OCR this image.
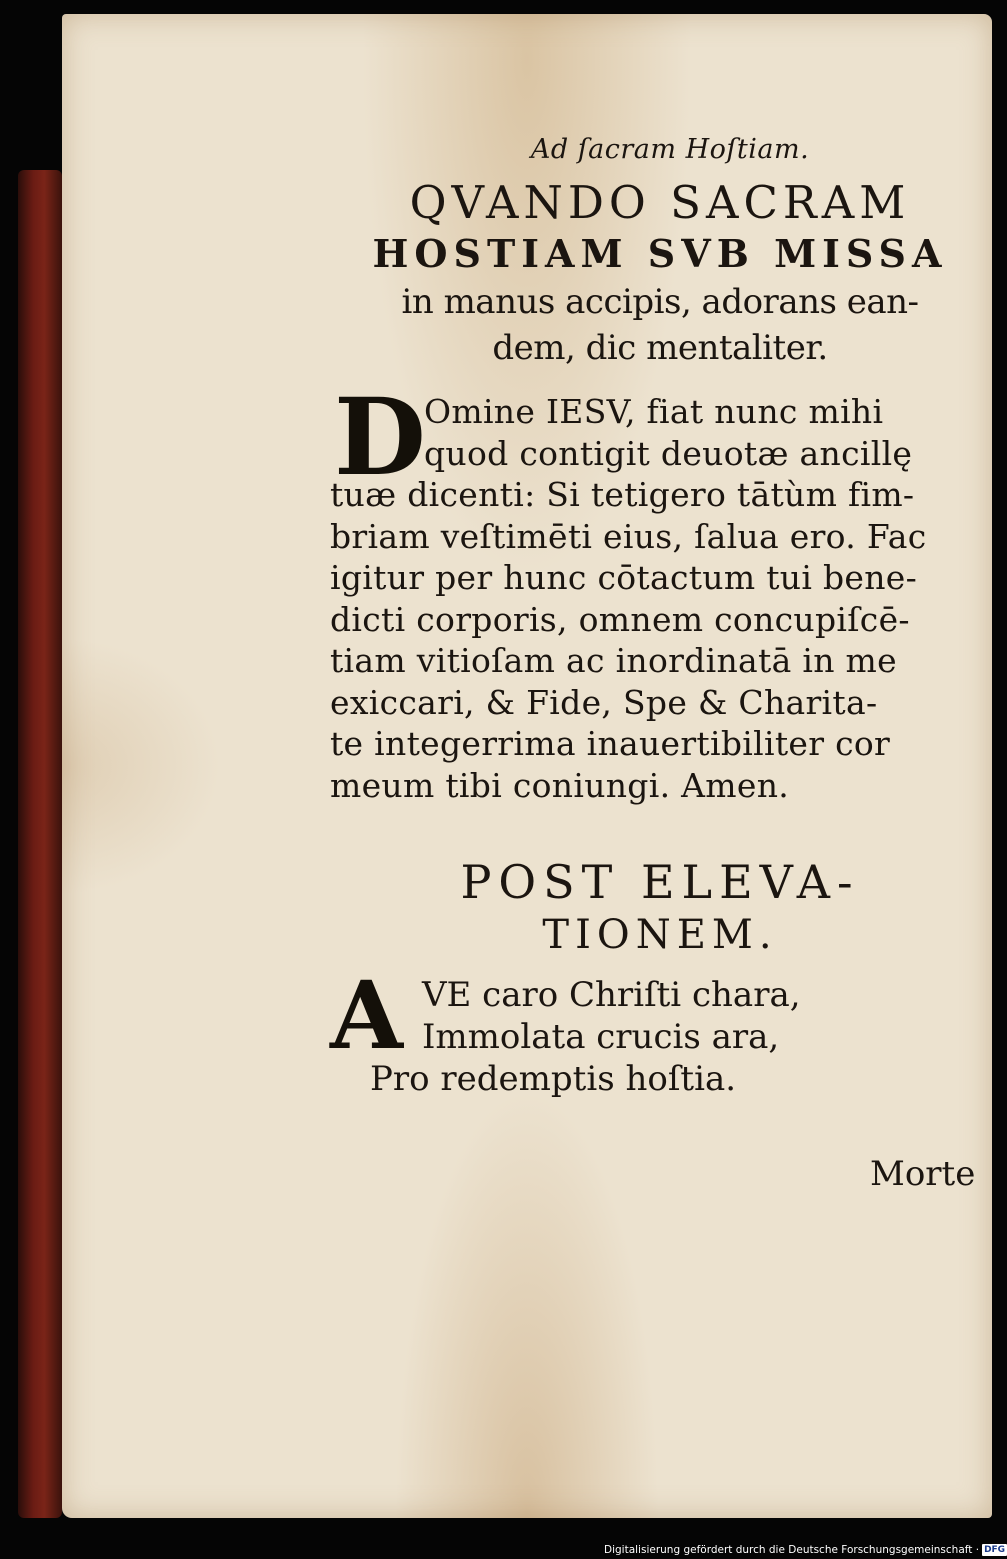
Ad ſacram Hoſtiam.
QVANDO SACRAM
HOSTIAM SVB MISSA
in manus accipis, adorans ean-
dem, dic mentaliter.
D
Omine IESV, fiat nunc mihi
quod contigit deuotæ ancillę
tuæ dicenti: Si tetigero tātùm fim-
briam veſtimēti eius, ſalua ero. Fac
igitur per hunc cōtactum tui bene-
dicti corporis, omnem concupiſcē-
tiam vitioſam ac inordinatā in me
exiccari, & Fide, Spe & Charita-
te integerrima inauertibiliter cor
meum tibi coniungi. Amen.
POST ELEVA-
TIONEM.
A VE caro Chriſti chara,
Immolata crucis ara,
Pro redemptis hoſtia.
Morte
Digitalisierung gefördert durch die Deutsche Forschungsgemeinschaft · DFG
